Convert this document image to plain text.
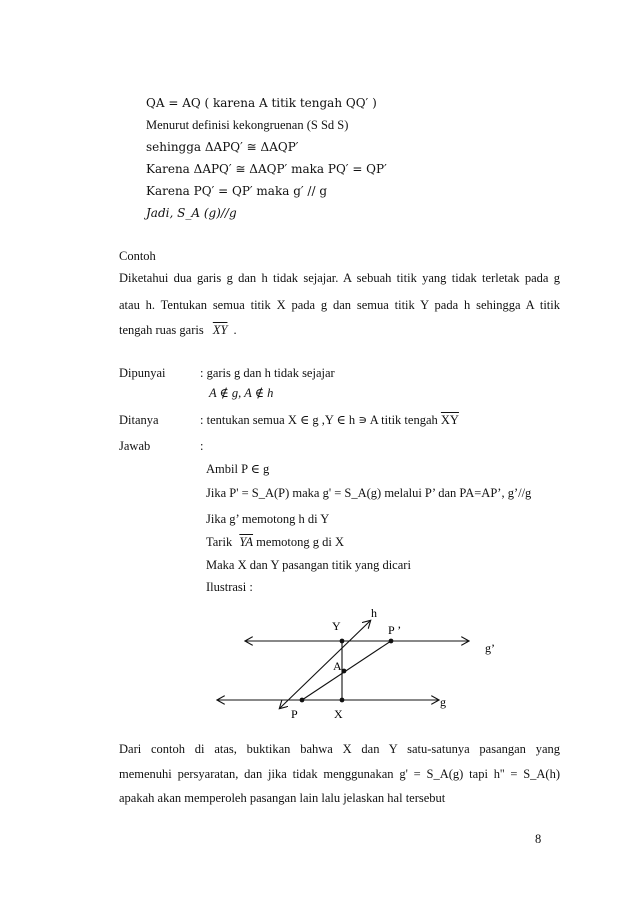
QA = AQ ( karena A titik tengah QQ′ )
Menurut definisi kekongruenan (S Sd S)
sehingga ΔAPQ′ ≅ ΔAQP′
Karena ΔAPQ′ ≅ ΔAQP′ maka PQ′ = QP′
Karena PQ′ = QP′ maka g′ // g
Jadi, S_A (g)//g
Contoh
Diketahui dua garis g dan h tidak sejajar. A sebuah titik yang tidak terletak pada g
atau h. Tentukan semua titik X pada g dan semua titik Y pada h sehingga A titik
tengah ruas garis $\overline{XY}$ .
Dipunyai	: garis g dan h tidak sejajar
A ∉ g, A ∉ h
Ditanya	: tentukan semua X ∈ g ,Y ∈ h ∍ A titik tengah $\overline{XY}$
Jawab	:
Ambil P ∈ g
Jika P' = S_A(P) maka g' = S_A(g) melalui P’ dan PA=AP’, g’//g
Jika g’ memotong h di Y
Tarik $\overline{YA}$ memotong g di X
Maka X dan Y pasangan titik yang dicari
Ilustrasi :
h
Y	P ’
g’
A
g
P	X
Dari contoh di atas, buktikan bahwa X dan Y satu-satunya pasangan yang
memenuhi persyaratan, dan jika tidak menggunakan g' = S_A(g) tapi h'' = S_A(h)
apakah akan memperoleh pasangan lain lalu jelaskan hal tersebut
8
